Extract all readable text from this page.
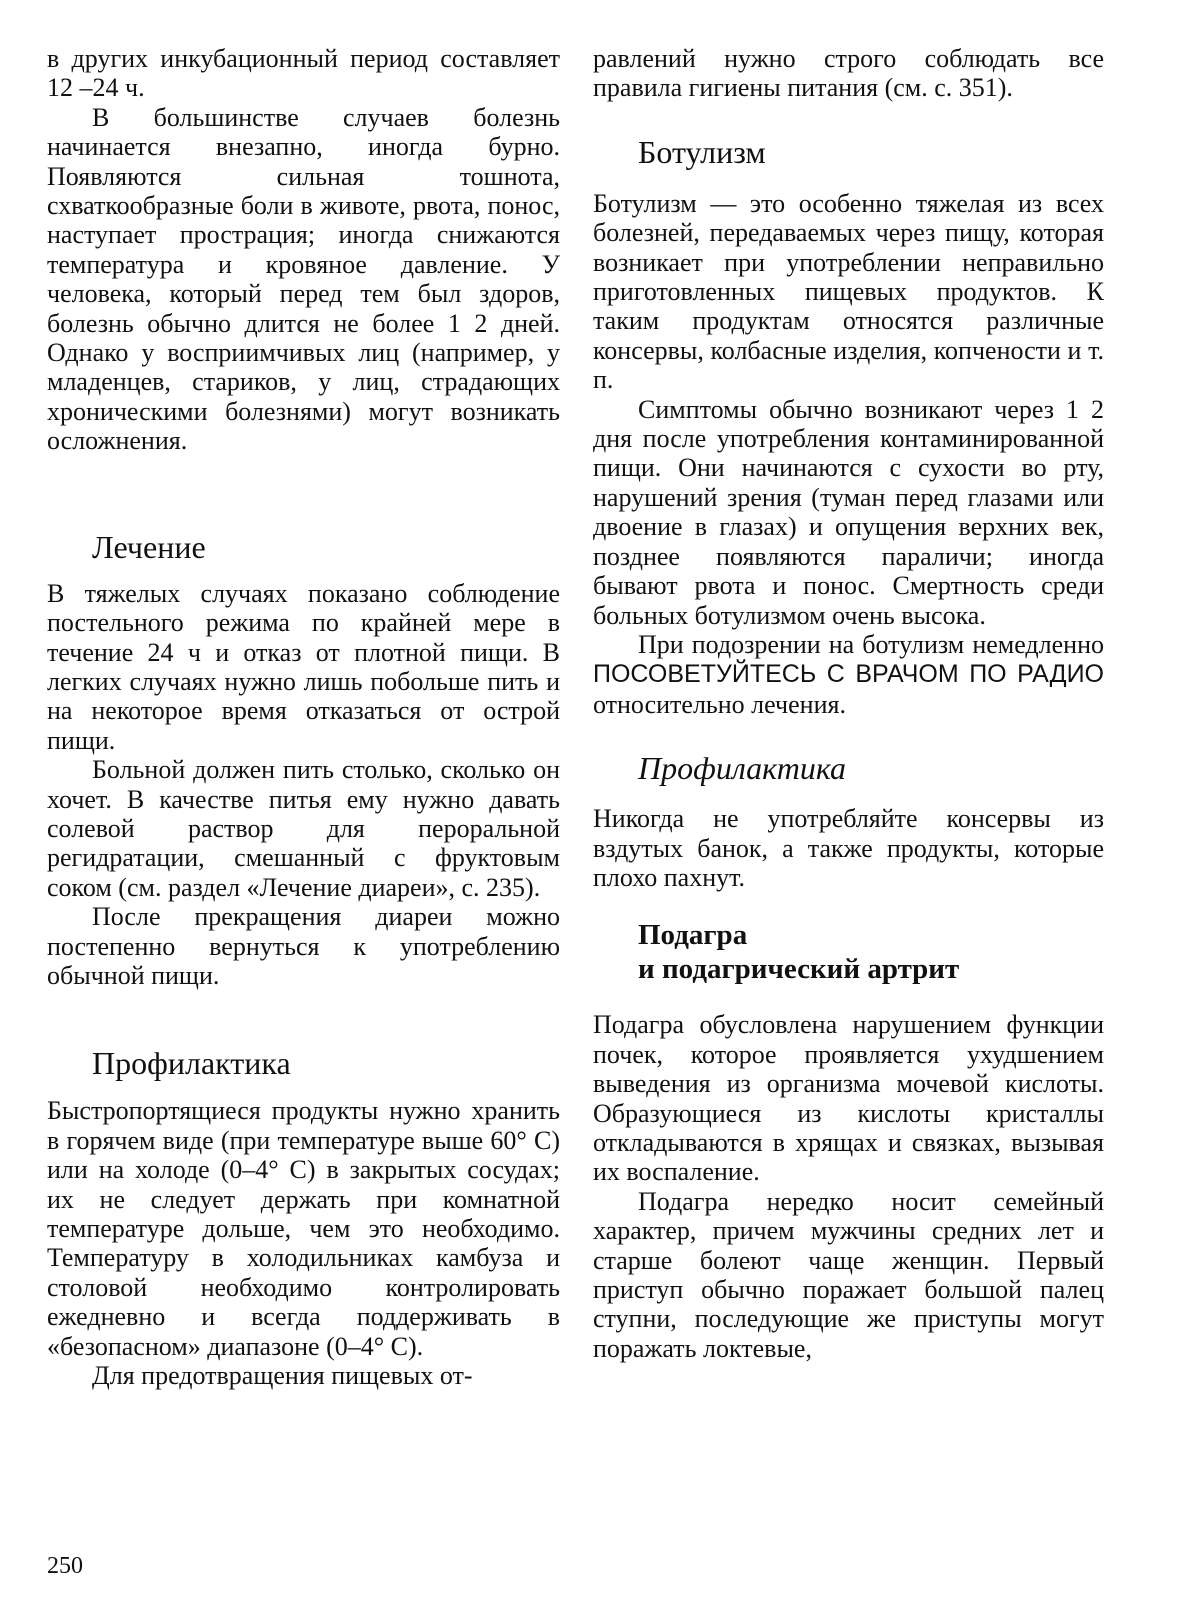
в других инкубационный период составляет 12 –24 ч.

В большинстве случаев болезнь начинается внезапно, иногда бурно. Появляются сильная тошнота, схваткообразные боли в животе, рвота, понос, наступает прострация; иногда снижаются температура и кровяное давление. У человека, который перед тем был здоров, болезнь обычно длится не более 1 2 дней. Однако у восприимчивых лиц (например, у младенцев, стариков, у лиц, страдающих хроническими болезнями) могут возникать осложнения.

Лечение

В тяжелых случаях показано соблюдение постельного режима по крайней мере в течение 24 ч и отказ от плотной пищи. В легких случаях нужно лишь побольше пить и на некоторое время отказаться от острой пищи.

Больной должен пить столько, сколько он хочет. В качестве питья ему нужно давать солевой раствор для пероральной регидратации, смешанный с фруктовым соком (см. раздел «Лечение диареи», с. 235).

После прекращения диареи можно постепенно вернуться к употреблению обычной пищи.

Профилактика

Быстропортящиеся продукты нужно хранить в горячем виде (при температуре выше 60° С) или на холоде (0–4° С) в закрытых сосудах; их не следует держать при комнатной температуре дольше, чем это необходимо. Температуру в холодильниках камбуза и столовой необходимо контролировать ежедневно и всегда поддерживать в «безопасном» диапазоне (0–4° С).

Для предотвращения пищевых от-

равлений нужно строго соблюдать все правила гигиены питания (см. с. 351).

Ботулизм

Ботулизм — это особенно тяжелая из всех болезней, передаваемых через пищу, которая возникает при употреблении неправильно приготовленных пищевых продуктов. К таким продуктам относятся различные консервы, колбасные изделия, копчености и т. п.

Симптомы обычно возникают через 1 2 дня после употребления контаминированной пищи. Они начинаются с сухости во рту, нарушений зрения (туман перед глазами или двоение в глазах) и опущения верхних век, позднее появляются параличи; иногда бывают рвота и понос. Смертность среди больных ботулизмом очень высока.

При подозрении на ботулизм немедленно ПОСОВЕТУЙТЕСЬ С ВРАЧОМ ПО РАДИО относительно лечения.

Профилактика

Никогда не употребляйте консервы из вздутых банок, а также продукты, которые плохо пахнут.

Подагра
и подагрический артрит

Подагра обусловлена нарушением функции почек, которое проявляется ухудшением выведения из организма мочевой кислоты. Образующиеся из кислоты кристаллы откладываются в хрящах и связках, вызывая их воспаление.

Подагра нередко носит семейный характер, причем мужчины средних лет и старше болеют чаще женщин. Первый приступ обычно поражает большой палец ступни, последующие же приступы могут поражать локтевые,

250
